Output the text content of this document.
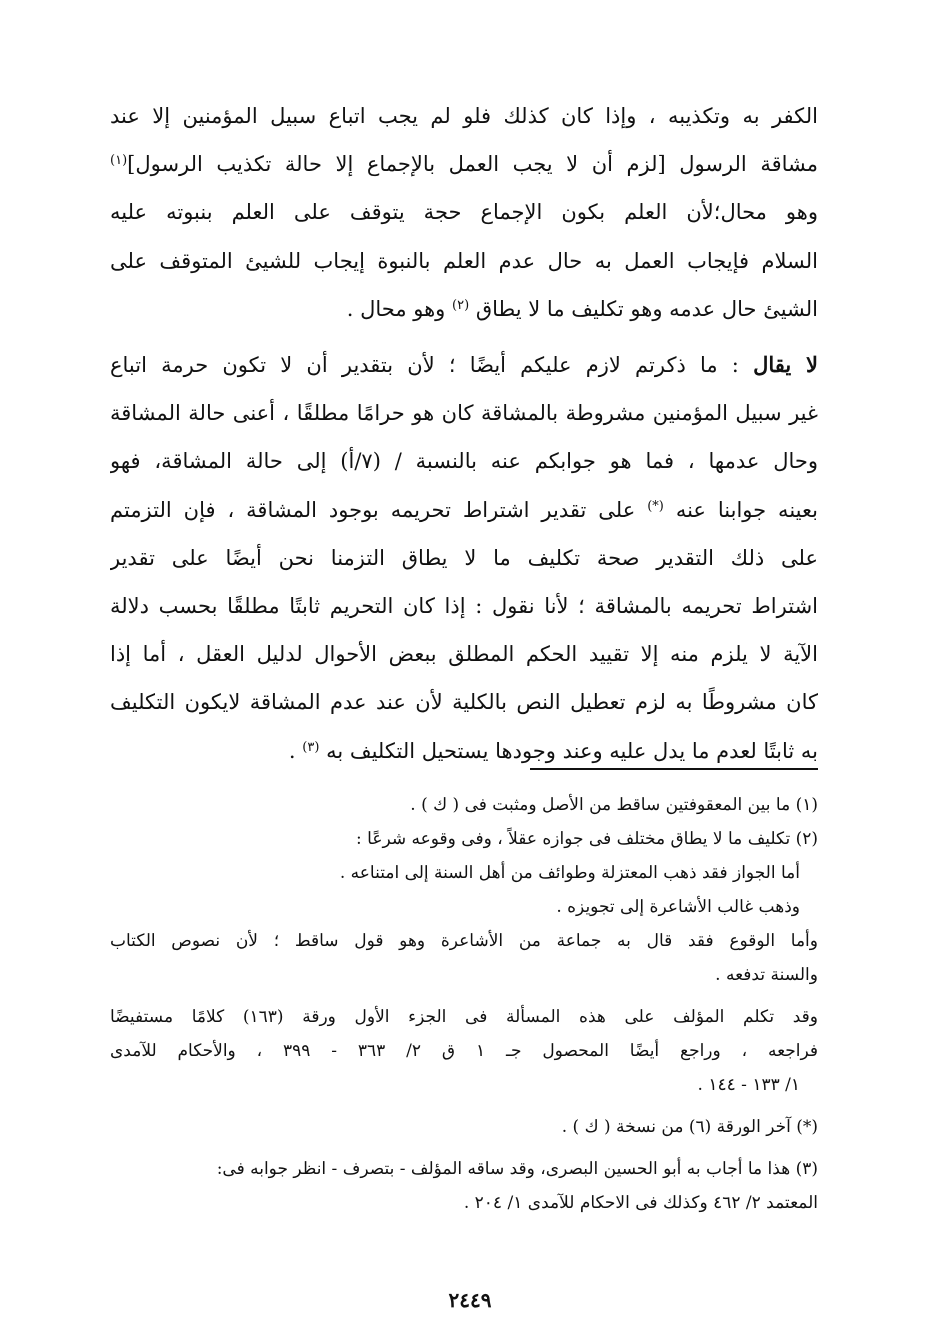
الكفر به وتكذيبه ، وإذا كان كذلك فلو لم يجب اتباع سبيل المؤمنين إلا عند

مشاقة الرسول [لزم أن لا يجب العمل بالإجماع إلا حالة تكذيب الرسول]$^{(١)}$

وهو محال؛لأن العلم بكون الإجماع حجة يتوقف على العلم بنبوته عليه

السلام فإيجاب العمل به حال عدم العلم بالنبوة إيجاب للشيئ المتوقف على

الشيئ حال عدمه وهو تكليف ما لا يطاق $^{(٢)}$ وهو محال .

لا يقال : ما ذكرتم لازم عليكم أيضًا ؛ لأن بتقدير أن لا تكون حرمة اتباع

غير سبيل المؤمنين مشروطة بالمشاقة كان هو حرامًا مطلقًا ، أعنى حالة المشاقة

وحال عدمها ، فما هو جوابكم عنه بالنسبة / (٧/أ) إلى حالة المشاقة، فهو

بعينه جوابنا عنه (*) على تقدير اشتراط تحريمه بوجود المشاقة ، فإن التزمتم

على ذلك التقدير صحة تكليف ما لا يطاق التزمنا نحن أيضًا على تقدير

اشتراط تحريمه بالمشاقة ؛ لأنا نقول : إذا كان التحريم ثابتًا مطلقًا بحسب دلالة

الآية لا يلزم منه إلا تقييد الحكم المطلق ببعض الأحوال لدليل العقل ، أما إذا

كان مشروطًا به لزم تعطيل النص بالكلية لأن عند عدم المشاقة لايكون التكليف

به ثابتًا لعدم ما يدل عليه وعند وجودها يستحيل التكليف به $^{(٣)}$ .

(١) ما بين المعقوفتين ساقط من الأصل ومثبت فى ( ك ) .

(٢) تكليف ما لا يطاق مختلف فى جوازه عقلاً ، وفى وقوعه شرعًا :

أما الجواز فقد ذهب المعتزلة وطوائف من أهل السنة إلى امتناعه .

وذهب غالب الأشاعرة إلى تجويزه .

وأما الوقوع فقد قال به جماعة من الأشاعرة وهو قول ساقط ؛ لأن نصوص الكتاب

والسنة تدفعه .

وقد تكلم المؤلف على هذه المسألة فى الجزء الأول ورقة (١٦٣) كلامًا مستفيضًا

فراجعه ، وراجع أيضًا المحصول جـ ١ ق ٢/ ٣٦٣ - ٣٩٩ ، والأحكام للآمدى

١/ ١٣٣ - ١٤٤ .

(*) آخر الورقة (٦) من نسخة ( ك ) .

(٣) هذا ما أجاب به أبو الحسين البصرى، وقد ساقه المؤلف - بتصرف - انظر جوابه فى:

المعتمد ٢/ ٤٦٢ وكذلك فى الاحكام للآمدى ١/ ٢٠٤ .

٢٤٤٩
